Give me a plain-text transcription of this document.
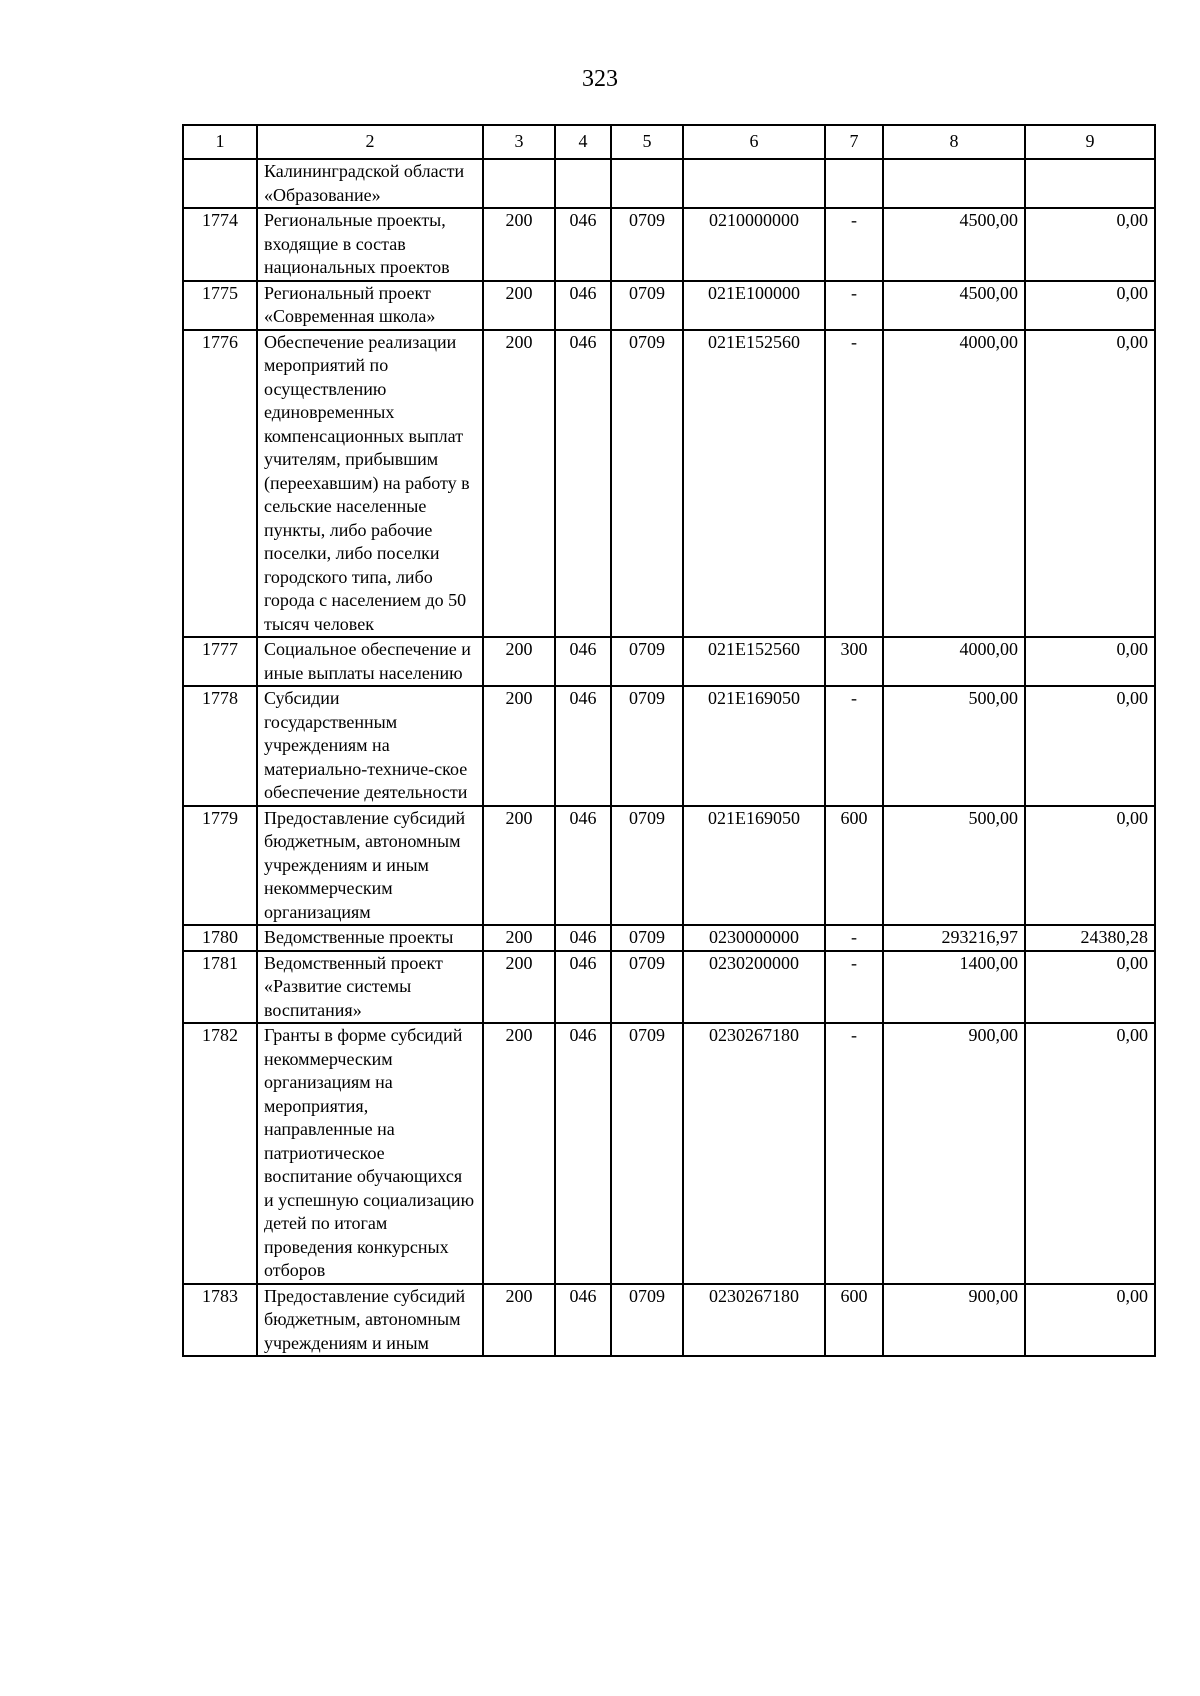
323
1	2	3	4	5	6	7	8	9
	Калининградской области «Образование»							
1774	Региональные проекты, входящие в состав национальных проектов	200	046	0709	0210000000	-	4500,00	0,00
1775	Региональный проект «Современная школа»	200	046	0709	021E100000	-	4500,00	0,00
1776	Обеспечение реализации мероприятий по осуществлению единовременных компенсационных выплат учителям, прибывшим (переехавшим) на работу в сельские населенные пункты, либо рабочие поселки, либо поселки городского типа, либо города с населением до 50 тысяч человек	200	046	0709	021E152560	-	4000,00	0,00
1777	Социальное обеспечение и иные выплаты населению	200	046	0709	021E152560	300	4000,00	0,00
1778	Субсидии государственным учреждениям на материально-техниче-ское обеспечение деятельности	200	046	0709	021E169050	-	500,00	0,00
1779	Предоставление субсидий бюджетным, автономным учреждениям и иным некоммерческим организациям	200	046	0709	021E169050	600	500,00	0,00
1780	Ведомственные проекты	200	046	0709	0230000000	-	293216,97	24380,28
1781	Ведомственный проект «Развитие системы воспитания»	200	046	0709	0230200000	-	1400,00	0,00
1782	Гранты в форме субсидий некоммерческим организациям на мероприятия, направленные на патриотическое воспитание обучающихся и успешную социализацию детей по итогам проведения конкурсных отборов	200	046	0709	0230267180	-	900,00	0,00
1783	Предоставление субсидий бюджетным, автономным учреждениям и иным	200	046	0709	0230267180	600	900,00	0,00
